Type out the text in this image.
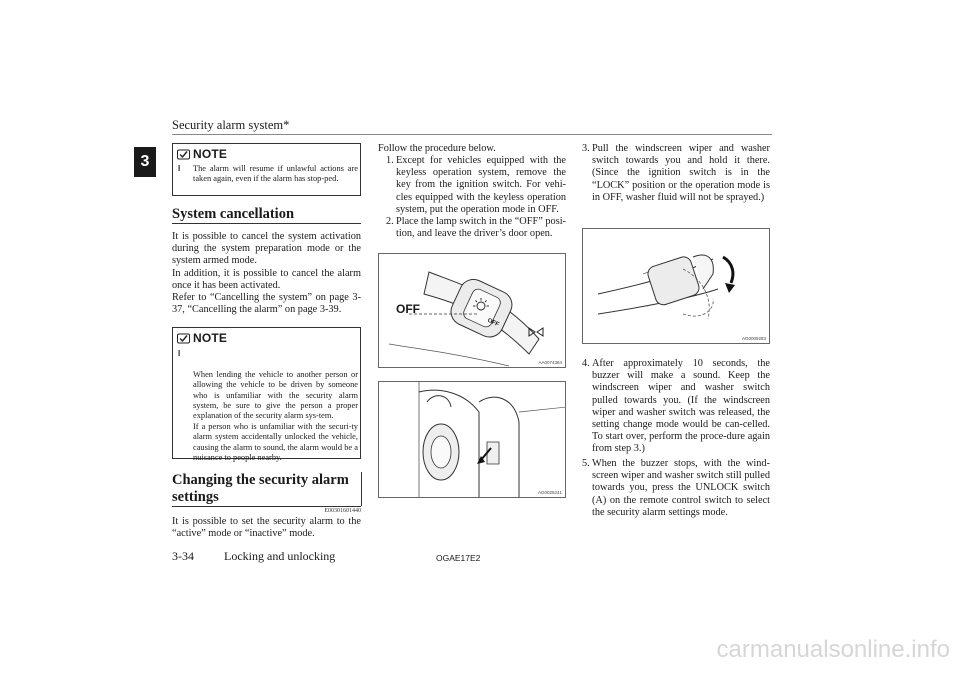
Security alarm system*
3	NOTE
l	The alarm will resume if unlawful actions are taken again, even if the alarm has stop-ped.
System cancellation

It is possible to cancel the system activation during the system preparation mode or the system armed mode.

In addition, it is possible to cancel the alarm once it has been activated.

Refer to “Cancelling the system” on page 3-37, “Cancelling the alarm” on page 3-39.

NOTE

l

When lending the vehicle to another person or allowing the vehicle to be driven by someone who is unfamiliar with the security alarm system, be sure to give the person a proper explanation of the security alarm sys-tem.
If a person who is unfamiliar with the securi-ty alarm system accidentally unlocked the vehicle, causing the alarm to sound, the alarm would be a nuisance to people nearby.

Changing the security alarm
settings
E00301601440

It is possible to set the security alarm to the “active” mode or “inactive” mode.

Follow the procedure below.
1. Except for vehicles equipped with the keyless operation system, remove the key from the ignition switch. For vehi-cles equipped with the keyless operation system, put the operation mode in OFF.
2. Place the lamp switch in the “OFF” posi-tion, and leave the driver’s door open.
OFF
OFF
AA0074384
AG0025241
3. Pull the windscreen wiper and washer switch towards you and hold it there. (Since the ignition switch is in the “LOCK” position or the operation mode is in OFF, washer fluid will not be sprayed.)
AG0009283
4. After approximately 10 seconds, the buzzer will make a sound. Keep the windscreen wiper and washer switch pulled towards you. (If the windscreen wiper and washer switch was released, the setting change mode would be can-celled. To start over, perform the proce-dure again from step 3.)
5. When the buzzer stops, with the wind-screen wiper and washer switch still pulled towards you, press the UNLOCK switch (A) on the remote control switch to select the security alarm settings mode.
3-34	Locking and unlocking	OGAE17E2
carmanualsonline.info
